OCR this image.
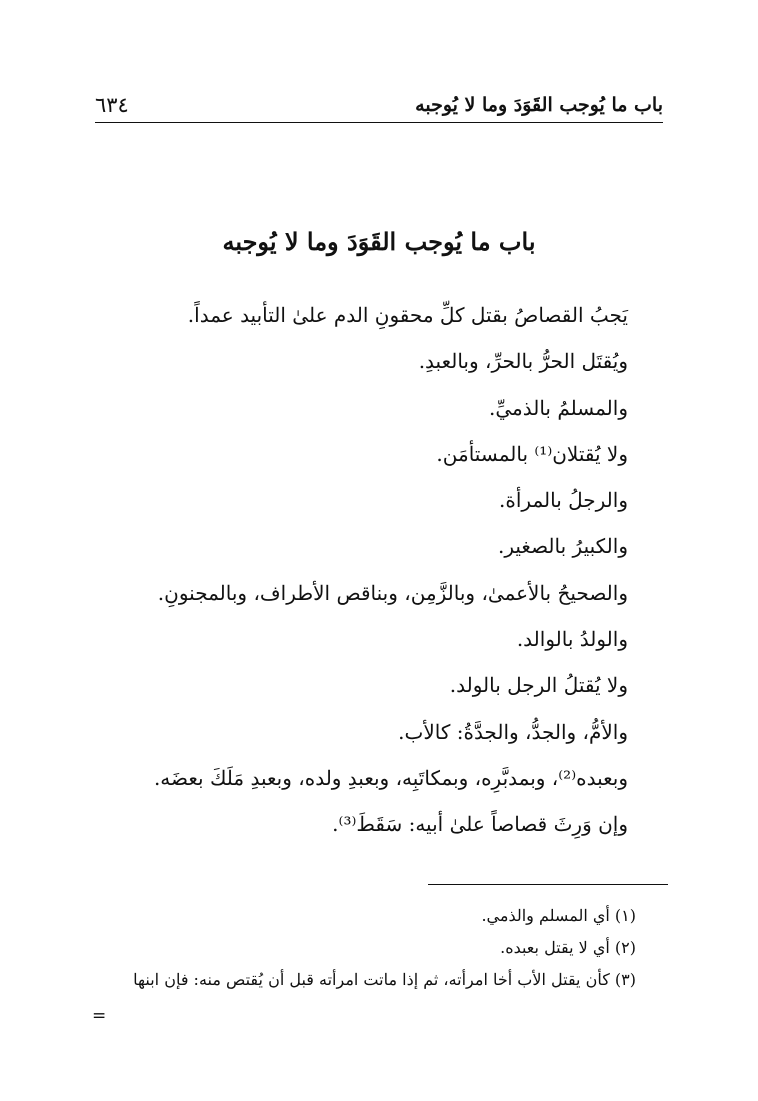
باب ما يُوجب القَوَدَ وما لا يُوجبه
٦٣٤
باب ما يُوجب القَوَدَ وما لا يُوجبه
يَجبُ القصاصُ بقتل كلِّ محقونِ الدم علىٰ التأبيد عمداً.
ويُقتَل الحرُّ بالحرِّ، وبالعبدِ.
والمسلمُ بالذميِّ.
ولا يُقتلان⁽¹⁾ بالمستأمَن.
والرجلُ بالمرأة.
والكبيرُ بالصغير.
والصحيحُ بالأعمىٰ، وبالزَّمِن، وبناقص الأطراف، وبالمجنونِ.
والولدُ بالوالد.
ولا يُقتلُ الرجل بالولد.
والأمُّ، والجدُّ، والجدَّةُ: كالأب.
وبعبده⁽²⁾، وبمدبَّرِه، وبمكاتَبِه، وبعبدِ ولده، وبعبدِ مَلَكَ بعضَه.
وإن وَرِثَ قصاصاً علىٰ أبيه: سَقَطَ⁽³⁾.
(١) أي المسلم والذمي.
(٢) أي لا يقتل بعبده.
(٣) كأن يقتل الأب أخا امرأته، ثم إذا ماتت امرأته قبل أن يُقتص منه: فإن ابنها
=
